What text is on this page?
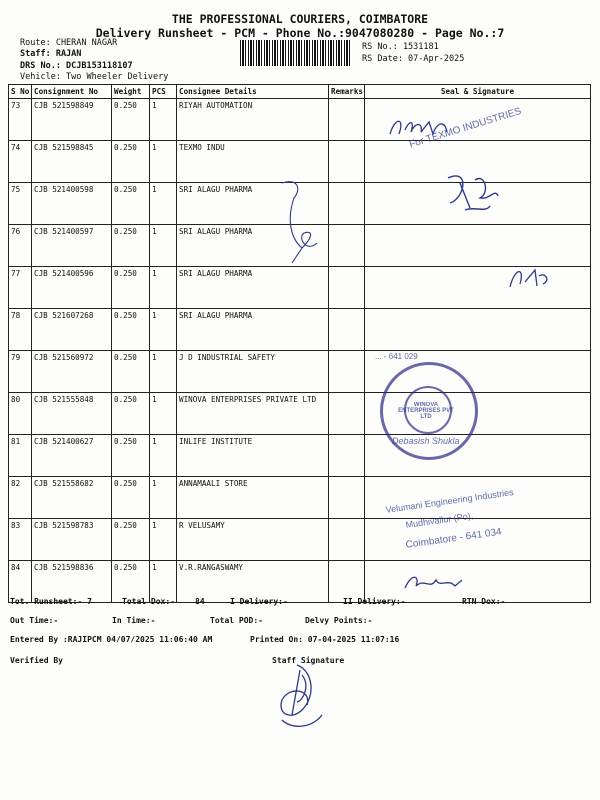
THE PROFESSIONAL COURIERS, COIMBATORE
Delivery Runsheet - PCM - Phone No.:9047080280 - Page No.:7
Route: CHERAN NAGAR
Staff: RAJAN
DRS No.: DCJB153118107
Vehicle: Two Wheeler Delivery
RS No.: 1531181
RS Date: 07-Apr-2025
S No	Consignment No	Weight	PCS	Consignee Details	Remarks	Seal & Signature
73	CJB 521598849	0.250	1	RIYAH AUTOMATION		
74	CJB 521598845	0.250	1	TEXMO INDU		
75	CJB 521400598	0.250	1	SRI ALAGU PHARMA		
76	CJB 521400597	0.250	1	SRI ALAGU PHARMA		
77	CJB 521400596	0.250	1	SRI ALAGU PHARMA		
78	CJB 521607268	0.250	1	SRI ALAGU PHARMA		
79	CJB 521560972	0.250	1	J D INDUSTRIAL SAFETY		
80	CJB 521555848	0.250	1	WINOVA ENTERPRISES PRIVATE LTD		
81	CJB 521400627	0.250	1	INLIFE INSTITUTE		
82	CJB 521558682	0.250	1	ANNAMAALI STORE		
83	CJB 521598783	0.250	1	R VELUSAMY		
84	CJB 521598836	0.250	1	V.R.RANGASWAMY		
For TEXMO INDUSTRIES
... - 641 029
WINOVA ENTERPRISES PVT LTD
Debasish Shukla
Velumani Engineering Industries
Mudhivallur (Po),
Coimbatore - 641 034
Tot. Runsheet:- 7	Total Dox:-	84	I Delivery:-	II Delivery:-	RTN Dox:-
Out Time:-	In Time:-	Total POD:-	Delvy Points:-
Entered By :RAJIPCM 04/07/2025 11:06:40 AM	Printed On: 07-04-2025 11:07:16
Verified By	Staff Signature
